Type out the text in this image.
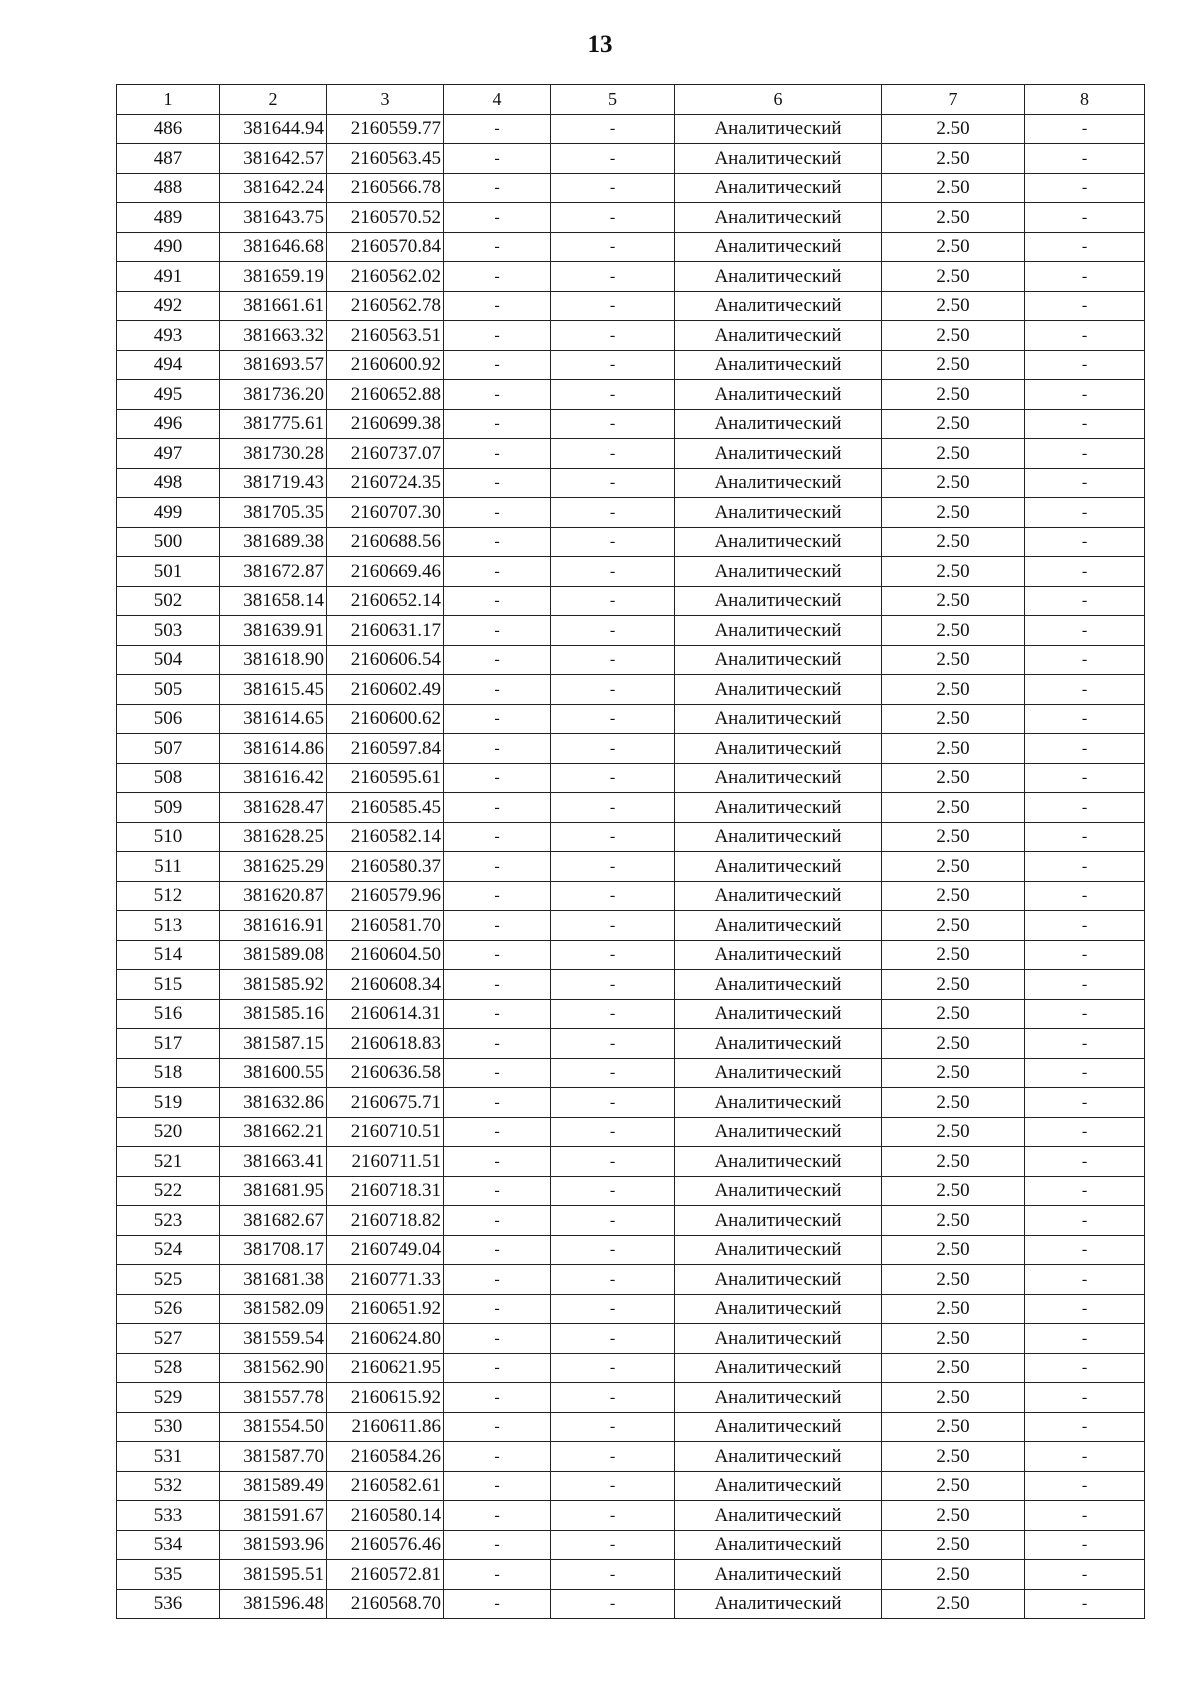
13
1	2	3	4	5	6	7	8
486	381644.94	2160559.77	-	-	Аналитический	2.50	-
487	381642.57	2160563.45	-	-	Аналитический	2.50	-
488	381642.24	2160566.78	-	-	Аналитический	2.50	-
489	381643.75	2160570.52	-	-	Аналитический	2.50	-
490	381646.68	2160570.84	-	-	Аналитический	2.50	-
491	381659.19	2160562.02	-	-	Аналитический	2.50	-
492	381661.61	2160562.78	-	-	Аналитический	2.50	-
493	381663.32	2160563.51	-	-	Аналитический	2.50	-
494	381693.57	2160600.92	-	-	Аналитический	2.50	-
495	381736.20	2160652.88	-	-	Аналитический	2.50	-
496	381775.61	2160699.38	-	-	Аналитический	2.50	-
497	381730.28	2160737.07	-	-	Аналитический	2.50	-
498	381719.43	2160724.35	-	-	Аналитический	2.50	-
499	381705.35	2160707.30	-	-	Аналитический	2.50	-
500	381689.38	2160688.56	-	-	Аналитический	2.50	-
501	381672.87	2160669.46	-	-	Аналитический	2.50	-
502	381658.14	2160652.14	-	-	Аналитический	2.50	-
503	381639.91	2160631.17	-	-	Аналитический	2.50	-
504	381618.90	2160606.54	-	-	Аналитический	2.50	-
505	381615.45	2160602.49	-	-	Аналитический	2.50	-
506	381614.65	2160600.62	-	-	Аналитический	2.50	-
507	381614.86	2160597.84	-	-	Аналитический	2.50	-
508	381616.42	2160595.61	-	-	Аналитический	2.50	-
509	381628.47	2160585.45	-	-	Аналитический	2.50	-
510	381628.25	2160582.14	-	-	Аналитический	2.50	-
511	381625.29	2160580.37	-	-	Аналитический	2.50	-
512	381620.87	2160579.96	-	-	Аналитический	2.50	-
513	381616.91	2160581.70	-	-	Аналитический	2.50	-
514	381589.08	2160604.50	-	-	Аналитический	2.50	-
515	381585.92	2160608.34	-	-	Аналитический	2.50	-
516	381585.16	2160614.31	-	-	Аналитический	2.50	-
517	381587.15	2160618.83	-	-	Аналитический	2.50	-
518	381600.55	2160636.58	-	-	Аналитический	2.50	-
519	381632.86	2160675.71	-	-	Аналитический	2.50	-
520	381662.21	2160710.51	-	-	Аналитический	2.50	-
521	381663.41	2160711.51	-	-	Аналитический	2.50	-
522	381681.95	2160718.31	-	-	Аналитический	2.50	-
523	381682.67	2160718.82	-	-	Аналитический	2.50	-
524	381708.17	2160749.04	-	-	Аналитический	2.50	-
525	381681.38	2160771.33	-	-	Аналитический	2.50	-
526	381582.09	2160651.92	-	-	Аналитический	2.50	-
527	381559.54	2160624.80	-	-	Аналитический	2.50	-
528	381562.90	2160621.95	-	-	Аналитический	2.50	-
529	381557.78	2160615.92	-	-	Аналитический	2.50	-
530	381554.50	2160611.86	-	-	Аналитический	2.50	-
531	381587.70	2160584.26	-	-	Аналитический	2.50	-
532	381589.49	2160582.61	-	-	Аналитический	2.50	-
533	381591.67	2160580.14	-	-	Аналитический	2.50	-
534	381593.96	2160576.46	-	-	Аналитический	2.50	-
535	381595.51	2160572.81	-	-	Аналитический	2.50	-
536	381596.48	2160568.70	-	-	Аналитический	2.50	-
